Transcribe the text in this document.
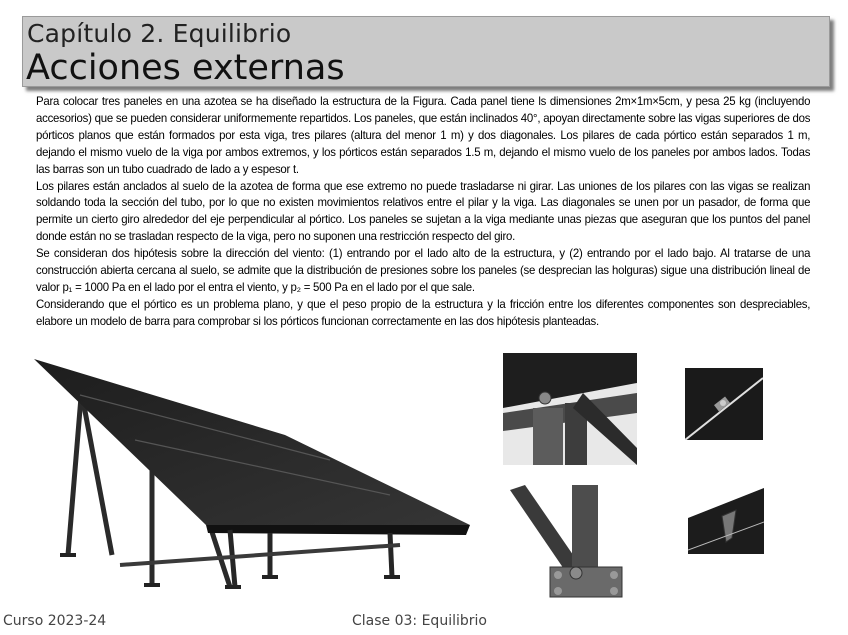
Capítulo 2. Equilibrio
Acciones externas

Para colocar tres paneles en una azotea se ha diseñado la estructura de la Figura. Cada panel tiene ls dimensiones 2m×1m×5cm, y pesa 25 kg (incluyendo accesorios) que se pueden considerar uniformemente repartidos. Los paneles, que están inclinados 40°, apoyan directamente sobre las vigas superiores de dos pórticos planos que están formados por esta viga, tres pilares (altura del menor 1 m) y dos diagonales. Los pilares de cada pórtico están separados 1 m, dejando el mismo vuelo de la viga por ambos extremos, y los pórticos están separados 1.5 m, dejando el mismo vuelo de los paneles por ambos lados. Todas las barras son un tubo cuadrado de lado a y espesor t.

Los pilares están anclados al suelo de la azotea de forma que ese extremo no puede trasladarse ni girar. Las uniones de los pilares con las vigas se realizan soldando toda la sección del tubo, por lo que no existen movimientos relativos entre el pilar y la viga. Las diagonales se unen por un pasador, de forma que permite un cierto giro alrededor del eje perpendicular al pórtico. Los paneles se sujetan a la viga mediante unas piezas que aseguran que los puntos del panel donde están no se trasladan respecto de la viga, pero no suponen una restricción respecto del giro.

Se consideran dos hipótesis sobre la dirección del viento: (1) entrando por el lado alto de la estructura, y (2) entrando por el lado bajo. Al tratarse de una construcción abierta cercana al suelo, se admite que la distribución de presiones sobre los paneles (se desprecian las holguras) sigue una distribución lineal de valor p₁ = 1000 Pa en el lado por el entra el viento, y p₂ = 500 Pa en el lado por el que sale.

Considerando que el pórtico es un problema plano, y que el peso propio de la estructura y la fricción entre los diferentes componentes son despreciables, elabore un modelo de barra para comprobar si los pórticos funcionan correctamente en las dos hipótesis planteadas.

Curso 2023-24	Clase 03: Equilibrio
